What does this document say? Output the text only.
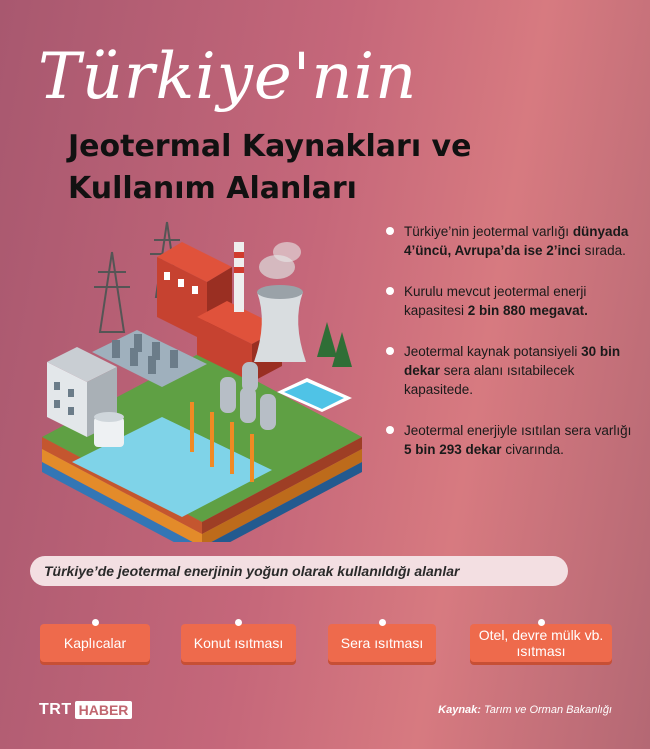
Türkiye'nin
Jeotermal Kaynakları ve
Kullanım Alanları
Türkiye’nin jeotermal varlığı dünyada 4’üncü, Avrupa’da ise 2’inci sırada.
Kurulu mevcut jeotermal enerji kapasitesi 2 bin 880 megavat.
Jeotermal kaynak potansiyeli 30 bin dekar sera alanı ısıtabilecek kapasitede.
Jeotermal enerjiyle ısıtılan sera varlığı 5 bin 293 dekar civarında.
Türkiye’de jeotermal enerjinin yoğun olarak kullanıldığı alanlar
Kaplıcalar	Konut ısıtması	Sera ısıtması	Otel, devre mülk vb. ısıtması
TRT HABER	Kaynak: Tarım ve Orman Bakanlığı
